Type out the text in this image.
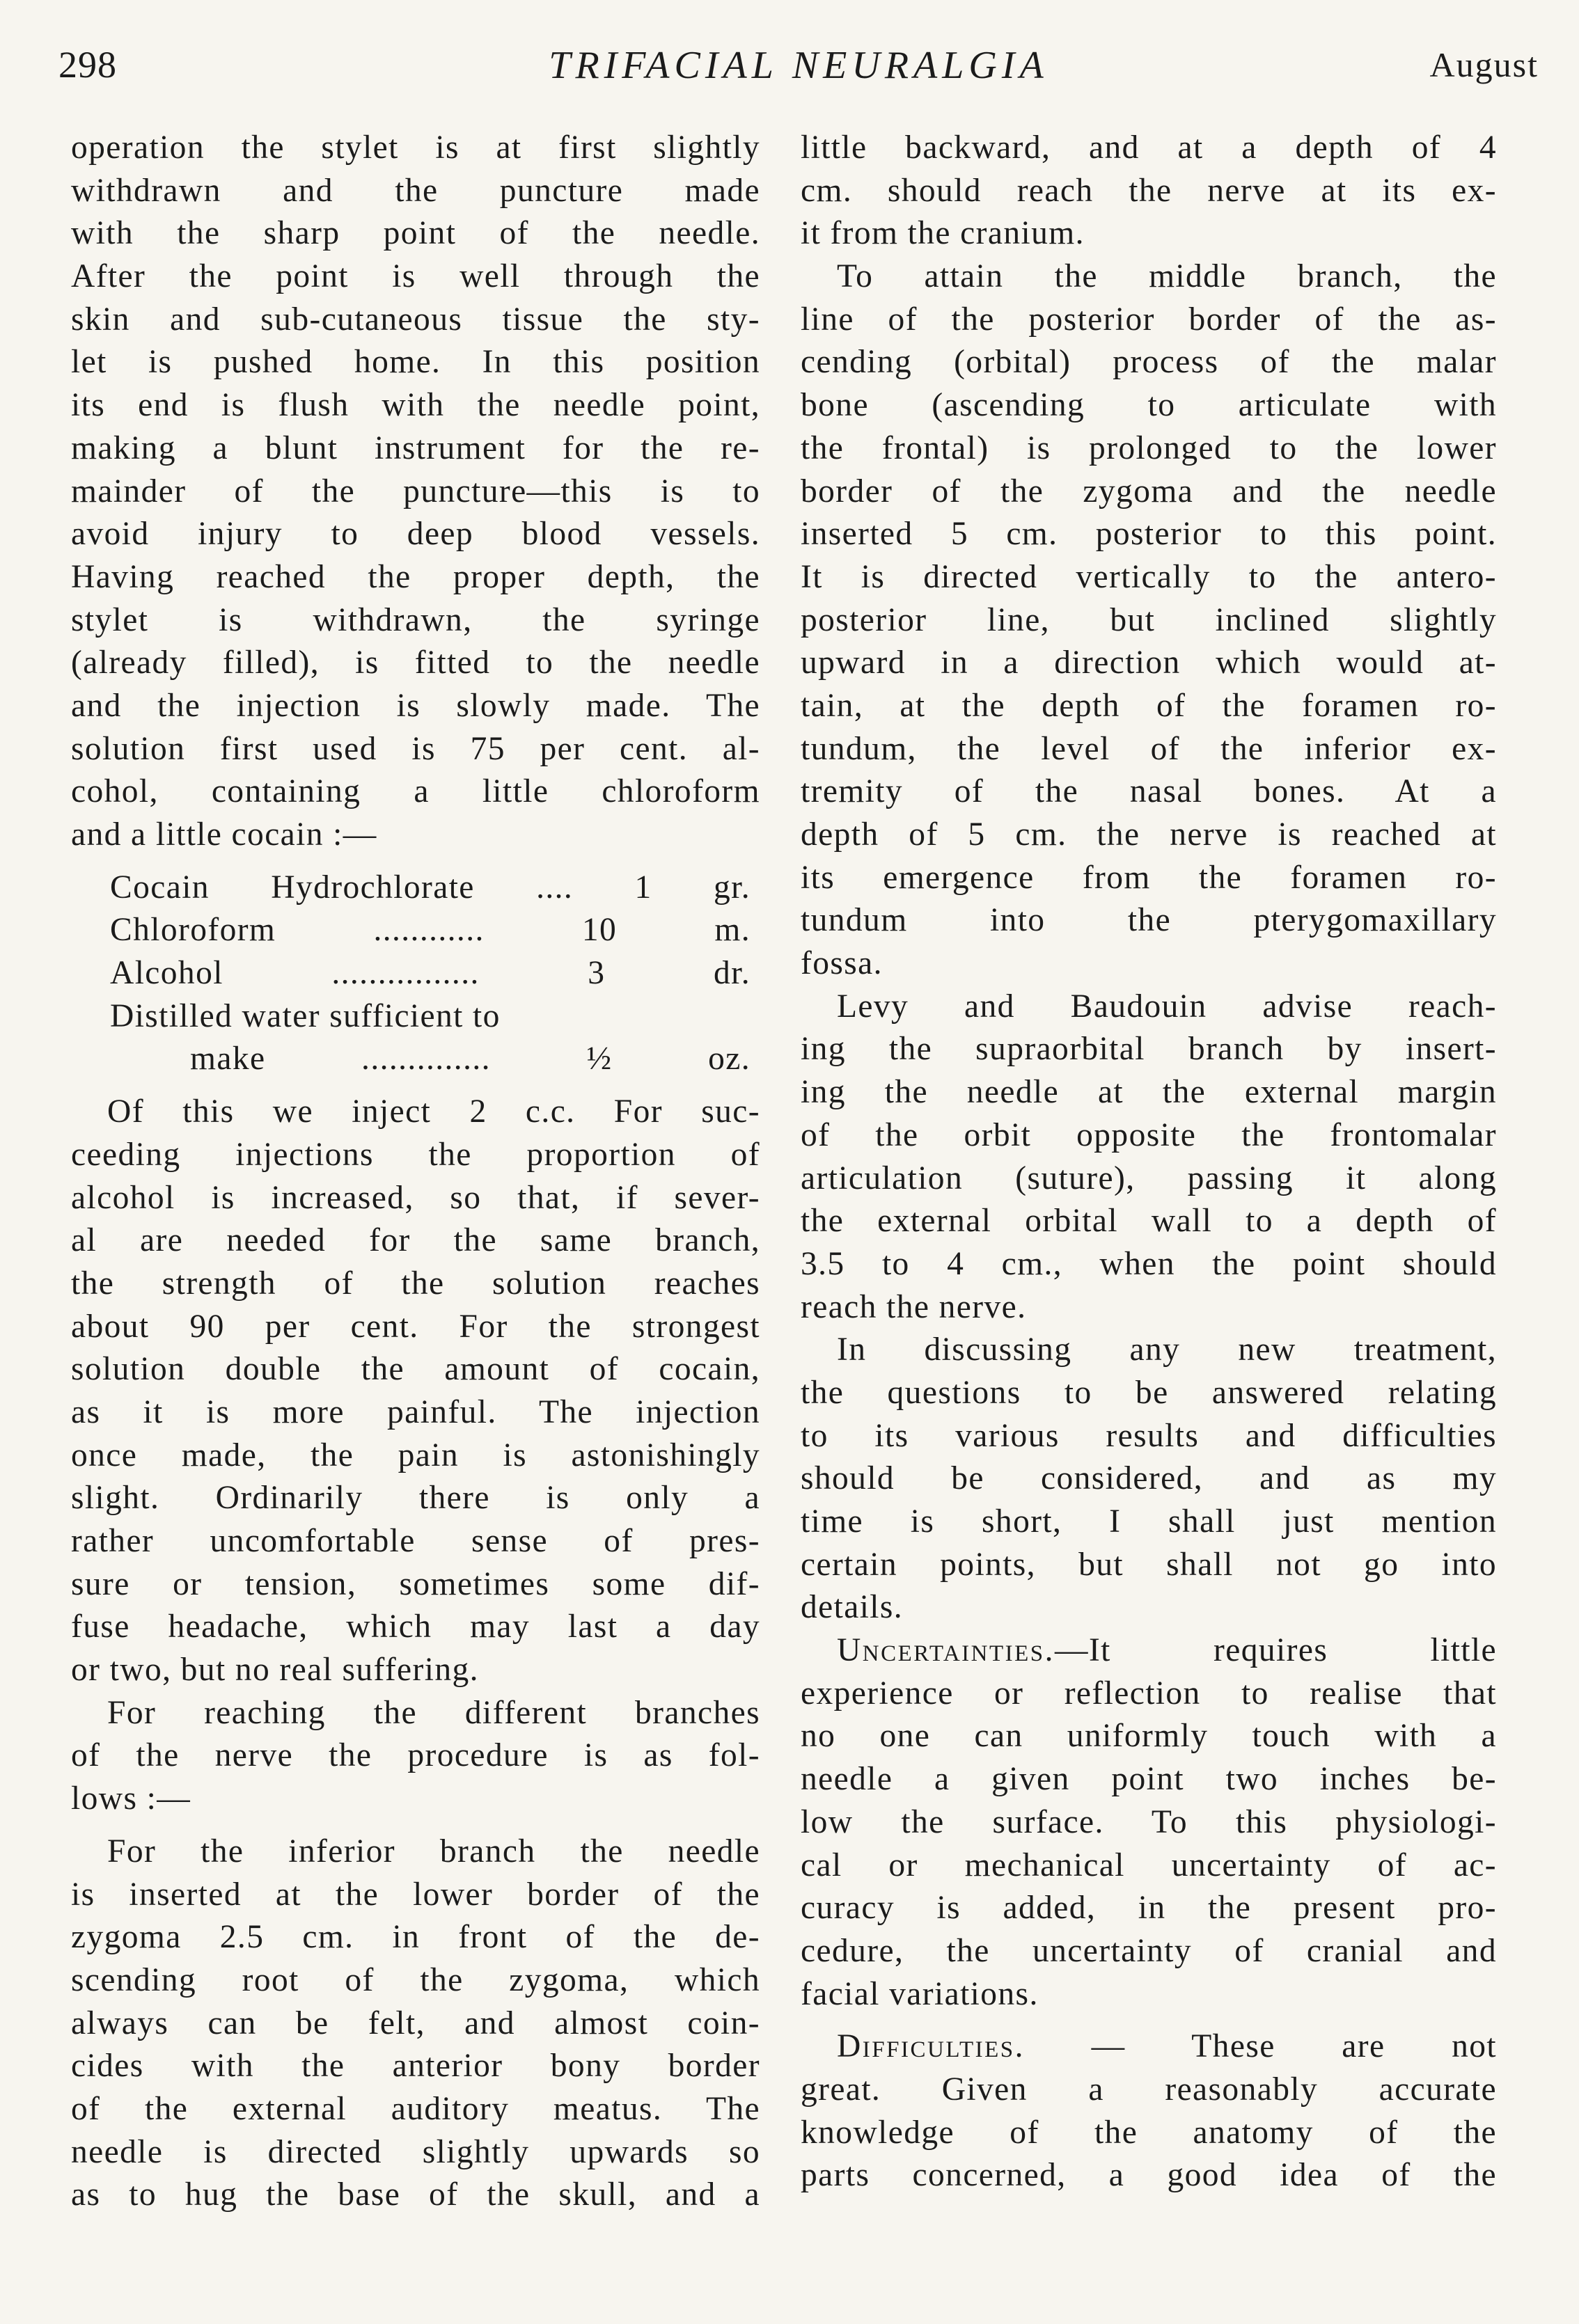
298	TRIFACIAL NEURALGIA	August
operation the stylet is at first slightly
withdrawn and the puncture made
with the sharp point of the needle.
After the point is well through the
skin and sub-cutaneous tissue the sty-
let is pushed home. In this position
its end is flush with the needle point,
making a blunt instrument for the re-
mainder of the puncture—this is to
avoid injury to deep blood vessels.
Having reached the proper depth, the
stylet is withdrawn, the syringe
(already filled), is fitted to the needle
and the injection is slowly made. The
solution first used is 75 per cent. al-
cohol, containing a little chloroform
and a little cocain :—
Cocain Hydrochlorate .... 1 gr.
Chloroform ............ 10 m.
Alcohol ................ 3 dr.
Distilled water sufficient to
make .............. ½ oz.
Of this we inject 2 c.c. For suc-
ceeding injections the proportion of
alcohol is increased, so that, if sever-
al are needed for the same branch,
the strength of the solution reaches
about 90 per cent. For the strongest
solution double the amount of cocain,
as it is more painful. The injection
once made, the pain is astonishingly
slight. Ordinarily there is only a
rather uncomfortable sense of pres-
sure or tension, sometimes some dif-
fuse headache, which may last a day
or two, but no real suffering.
For reaching the different branches
of the nerve the procedure is as fol-
lows :—
For the inferior branch the needle
is inserted at the lower border of the
zygoma 2.5 cm. in front of the de-
scending root of the zygoma, which
always can be felt, and almost coin-
cides with the anterior bony border
of the external auditory meatus. The
needle is directed slightly upwards so
as to hug the base of the skull, and a
little backward, and at a depth of 4
cm. should reach the nerve at its ex-
it from the cranium.
To attain the middle branch, the
line of the posterior border of the as-
cending (orbital) process of the malar
bone (ascending to articulate with
the frontal) is prolonged to the lower
border of the zygoma and the needle
inserted 5 cm. posterior to this point.
It is directed vertically to the antero-
posterior line, but inclined slightly
upward in a direction which would at-
tain, at the depth of the foramen ro-
tundum, the level of the inferior ex-
tremity of the nasal bones. At a
depth of 5 cm. the nerve is reached at
its emergence from the foramen ro-
tundum into the pterygomaxillary
fossa.
Levy and Baudouin advise reach-
ing the supraorbital branch by insert-
ing the needle at the external margin
of the orbit opposite the frontomalar
articulation (suture), passing it along
the external orbital wall to a depth of
3.5 to 4 cm., when the point should
reach the nerve.
In discussing any new treatment,
the questions to be answered relating
to its various results and difficulties
should be considered, and as my
time is short, I shall just mention
certain points, but shall not go into
details.
Uncertainties.—It requires little
experience or reflection to realise that
no one can uniformly touch with a
needle a given point two inches be-
low the surface. To this physiologi-
cal or mechanical uncertainty of ac-
curacy is added, in the present pro-
cedure, the uncertainty of cranial and
facial variations.
Difficulties. — These are not
great. Given a reasonably accurate
knowledge of the anatomy of the
parts concerned, a good idea of the
